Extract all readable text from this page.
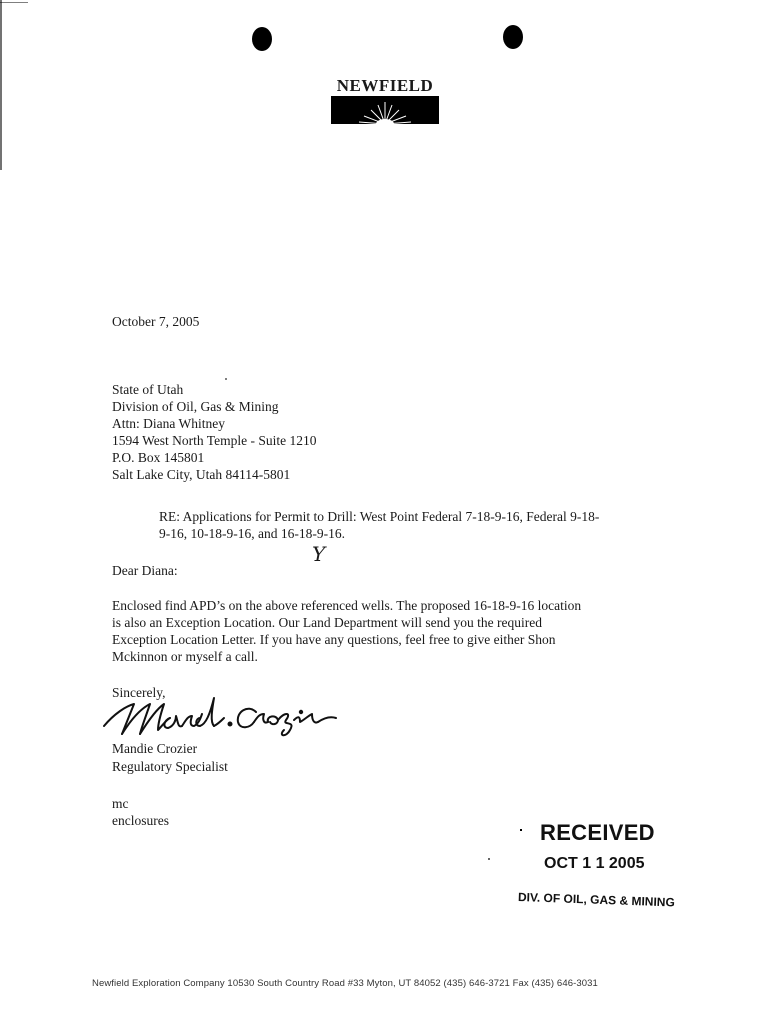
NEWFIELD
October 7, 2005
State of Utah
Division of Oil, Gas & Mining
Attn: Diana Whitney
1594 West North Temple - Suite 1210
P.O. Box 145801
Salt Lake City, Utah 84114-5801
RE: Applications for Permit to Drill: West Point Federal 7-18-9-16, Federal 9-18-
9-16, 10-18-9-16, and 16-18-9-16.
Y
Dear Diana:
Enclosed find APD’s on the above referenced wells. The proposed 16-18-9-16 location
is also an Exception Location. Our Land Department will send you the required
Exception Location Letter. If you have any questions, feel free to give either Shon
Mckinnon or myself a call.
Sincerely,
Mandie Crozier
Regulatory Specialist
mc
enclosures	RECEIVED
OCT 1 1 2005
DIV. OF OIL, GAS & MINING
Newfield Exploration Company 10530 South Country Road #33 Myton, UT 84052 (435) 646-3721 Fax (435) 646-3031
